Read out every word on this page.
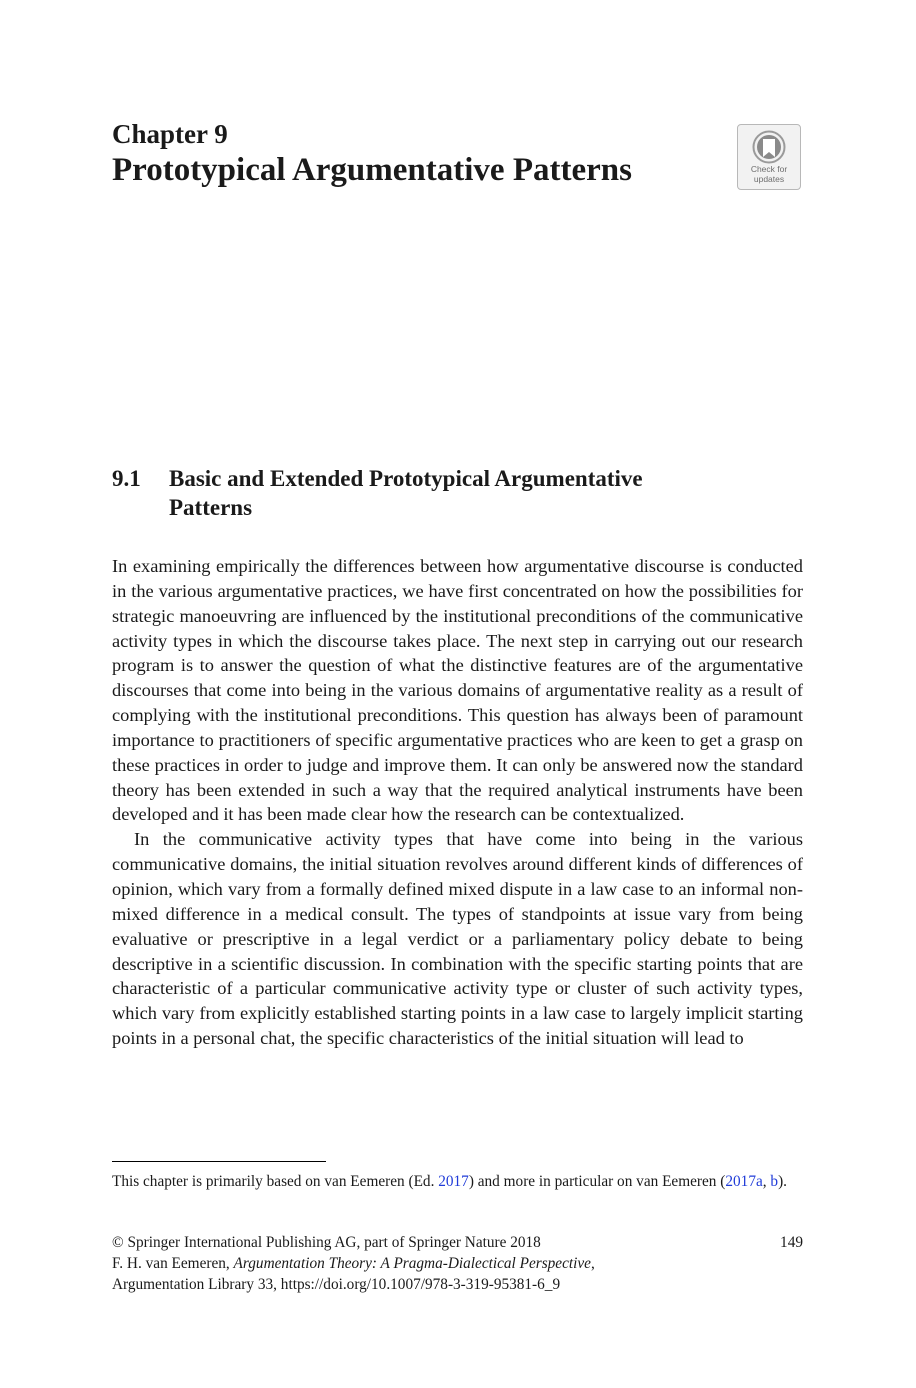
Chapter 9
Prototypical Argumentative Patterns	Check for
updates
9.1 Basic and Extended Prototypical Argumentative Patterns

In examining empirically the differences between how argumentative discourse is conducted in the various argumentative practices, we have first concentrated on how the possibilities for strategic manoeuvring are influenced by the institutional preconditions of the communicative activity types in which the discourse takes place. The next step in carrying out our research program is to answer the question of what the distinctive features are of the argumentative discourses that come into being in the various domains of argumentative reality as a result of complying with the institutional preconditions. This question has always been of paramount importance to practitioners of specific argumentative practices who are keen to get a grasp on these practices in order to judge and improve them. It can only be answered now the standard theory has been extended in such a way that the required analytical instruments have been developed and it has been made clear how the research can be contextualized.

In the communicative activity types that have come into being in the various communicative domains, the initial situation revolves around different kinds of differences of opinion, which vary from a formally defined mixed dispute in a law case to an informal non-mixed difference in a medical consult. The types of standpoints at issue vary from being evaluative or prescriptive in a legal verdict or a parliamentary policy debate to being descriptive in a scientific discussion. In combination with the specific starting points that are characteristic of a particular communicative activity type or cluster of such activity types, which vary from explicitly established starting points in a law case to largely implicit starting points in a personal chat, the specific characteristics of the initial situation will lead to

This chapter is primarily based on van Eemeren (Ed. 2017) and more in particular on van Eemeren (2017a, b).
© Springer International Publishing AG, part of Springer Nature 2018
F. H. van Eemeren, Argumentation Theory: A Pragma-Dialectical Perspective,
Argumentation Library 33, https://doi.org/10.1007/978-3-319-95381-6_9
149
